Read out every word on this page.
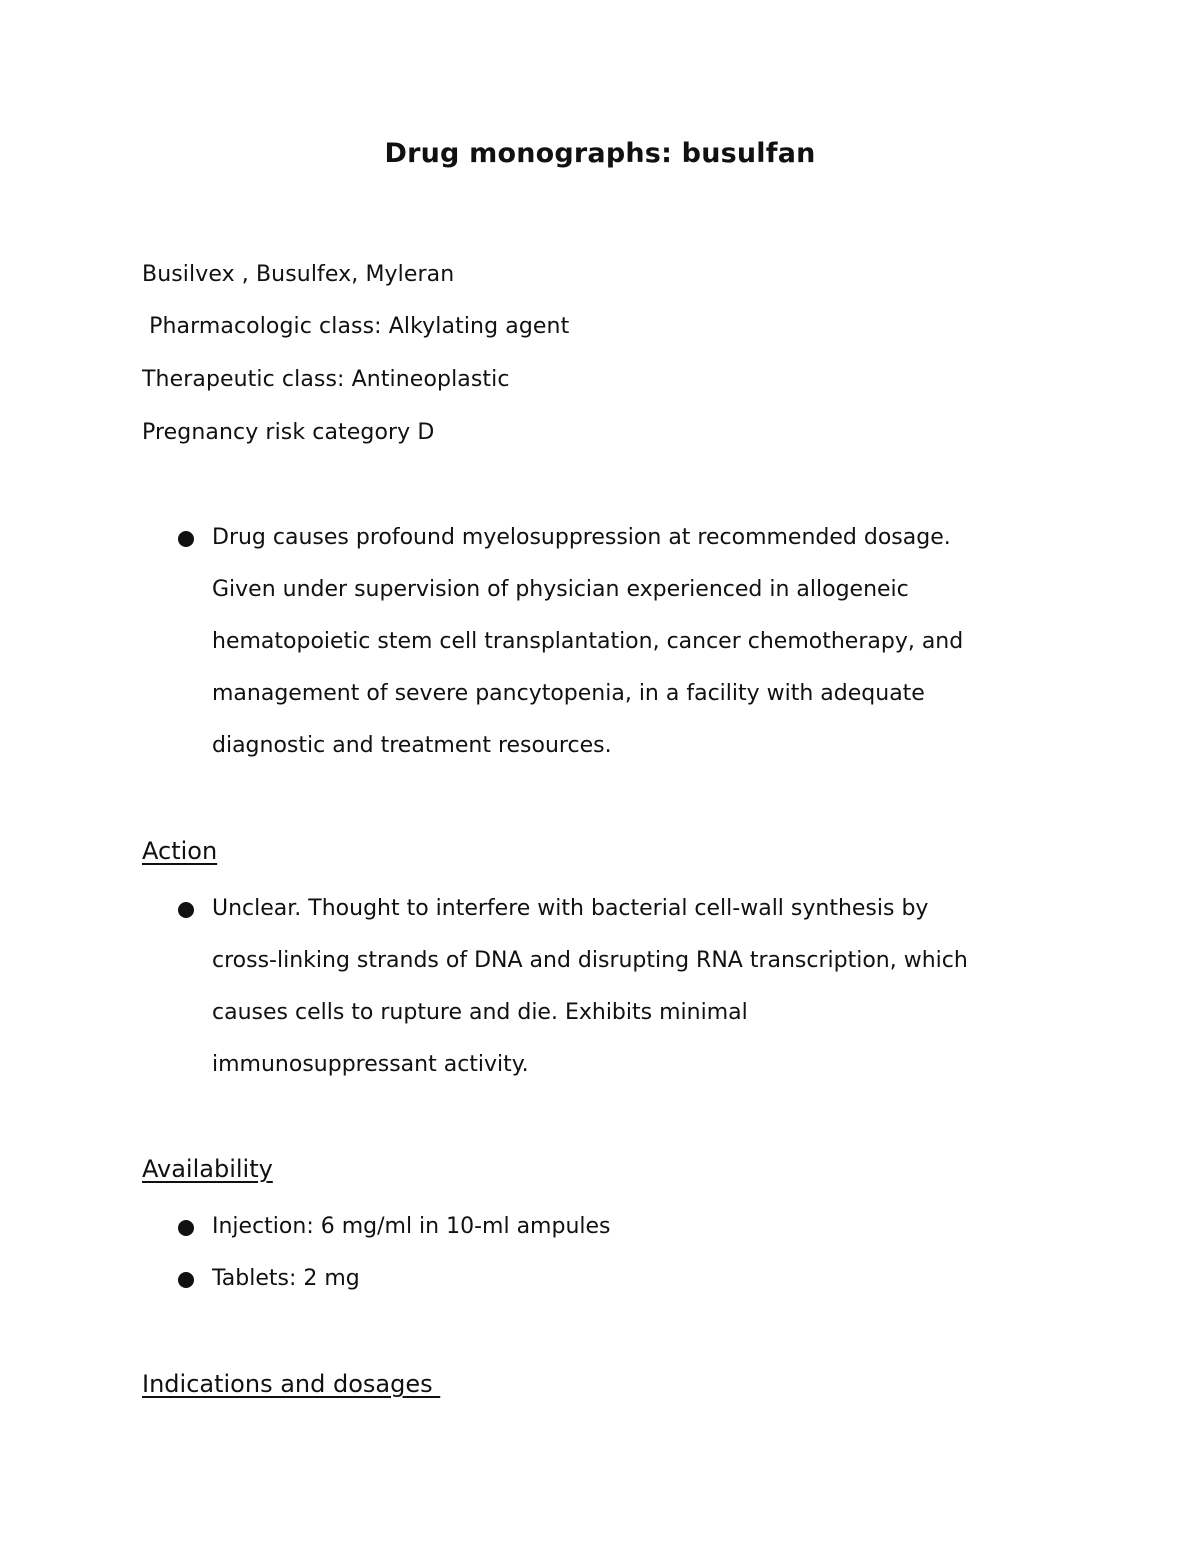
Drug monographs: busulfan
Busilvex , Busulfex, Myleran
Pharmacologic class: Alkylating agent
Therapeutic class: Antineoplastic
Pregnancy risk category D
Drug causes profound myelosuppression at recommended dosage.
Given under supervision of physician experienced in allogeneic
hematopoietic stem cell transplantation, cancer chemotherapy, and
management of severe pancytopenia, in a facility with adequate
diagnostic and treatment resources.
Action
Unclear. Thought to interfere with bacterial cell-wall synthesis by
cross-linking strands of DNA and disrupting RNA transcription, which
causes cells to rupture and die. Exhibits minimal
immunosuppressant activity.
Availability
Injection: 6 mg/ml in 10-ml ampules
Tablets: 2 mg
Indications and dosages
